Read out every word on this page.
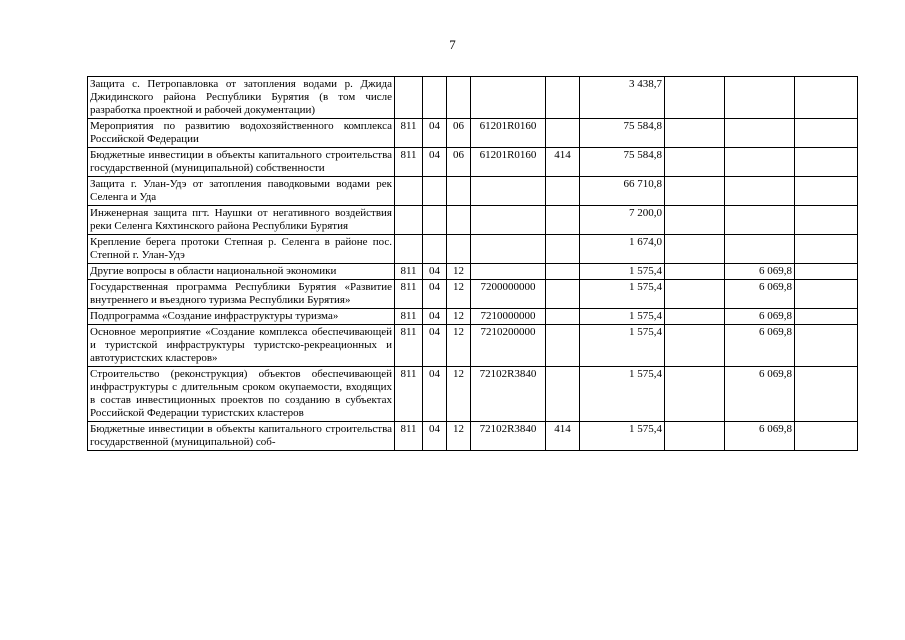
7
Защита с. Петропавловка от затопления водами р. Джида Джидинского района Республики Бурятия (в том числе разработка проектной и рабочей документации)						3 438,7			
Мероприятия по развитию водохозяйственного комплекса Российской Федерации	811	04	06	61201R0160		75 584,8			
Бюджетные инвестиции в объекты капитального строительства государственной (муниципальной) собственности	811	04	06	61201R0160	414	75 584,8			
Защита г. Улан-Удэ от затопления паводковыми водами рек Селенга и Уда						66 710,8			
Инженерная защита пгт. Наушки от негативного воздействия реки Селенга Кяхтинского района Республики Бурятия						7 200,0			
Крепление берега протоки Степная р. Селенга в районе пос. Степной г. Улан-Удэ						1 674,0			
Другие вопросы в области национальной экономики	811	04	12			1 575,4		6 069,8	
Государственная программа Республики Бурятия «Развитие внутреннего и въездного туризма Республики Бурятия»	811	04	12	7200000000		1 575,4		6 069,8	
Подпрограмма «Создание инфраструктуры туризма»	811	04	12	7210000000		1 575,4		6 069,8	
Основное мероприятие «Создание комплекса обеспечивающей и туристской инфраструктуры туристско-рекреационных и автотуристских кластеров»	811	04	12	7210200000		1 575,4		6 069,8	
Строительство (реконструкция) объектов обеспечивающей инфраструктуры с длительным сроком окупаемости, входящих в состав инвестиционных проектов по созданию в субъектах Российской Федерации туристских кластеров	811	04	12	72102R3840		1 575,4		6 069,8	
Бюджетные инвестиции в объекты капитального строительства государственной (муниципальной) соб-	811	04	12	72102R3840	414	1 575,4		6 069,8	
